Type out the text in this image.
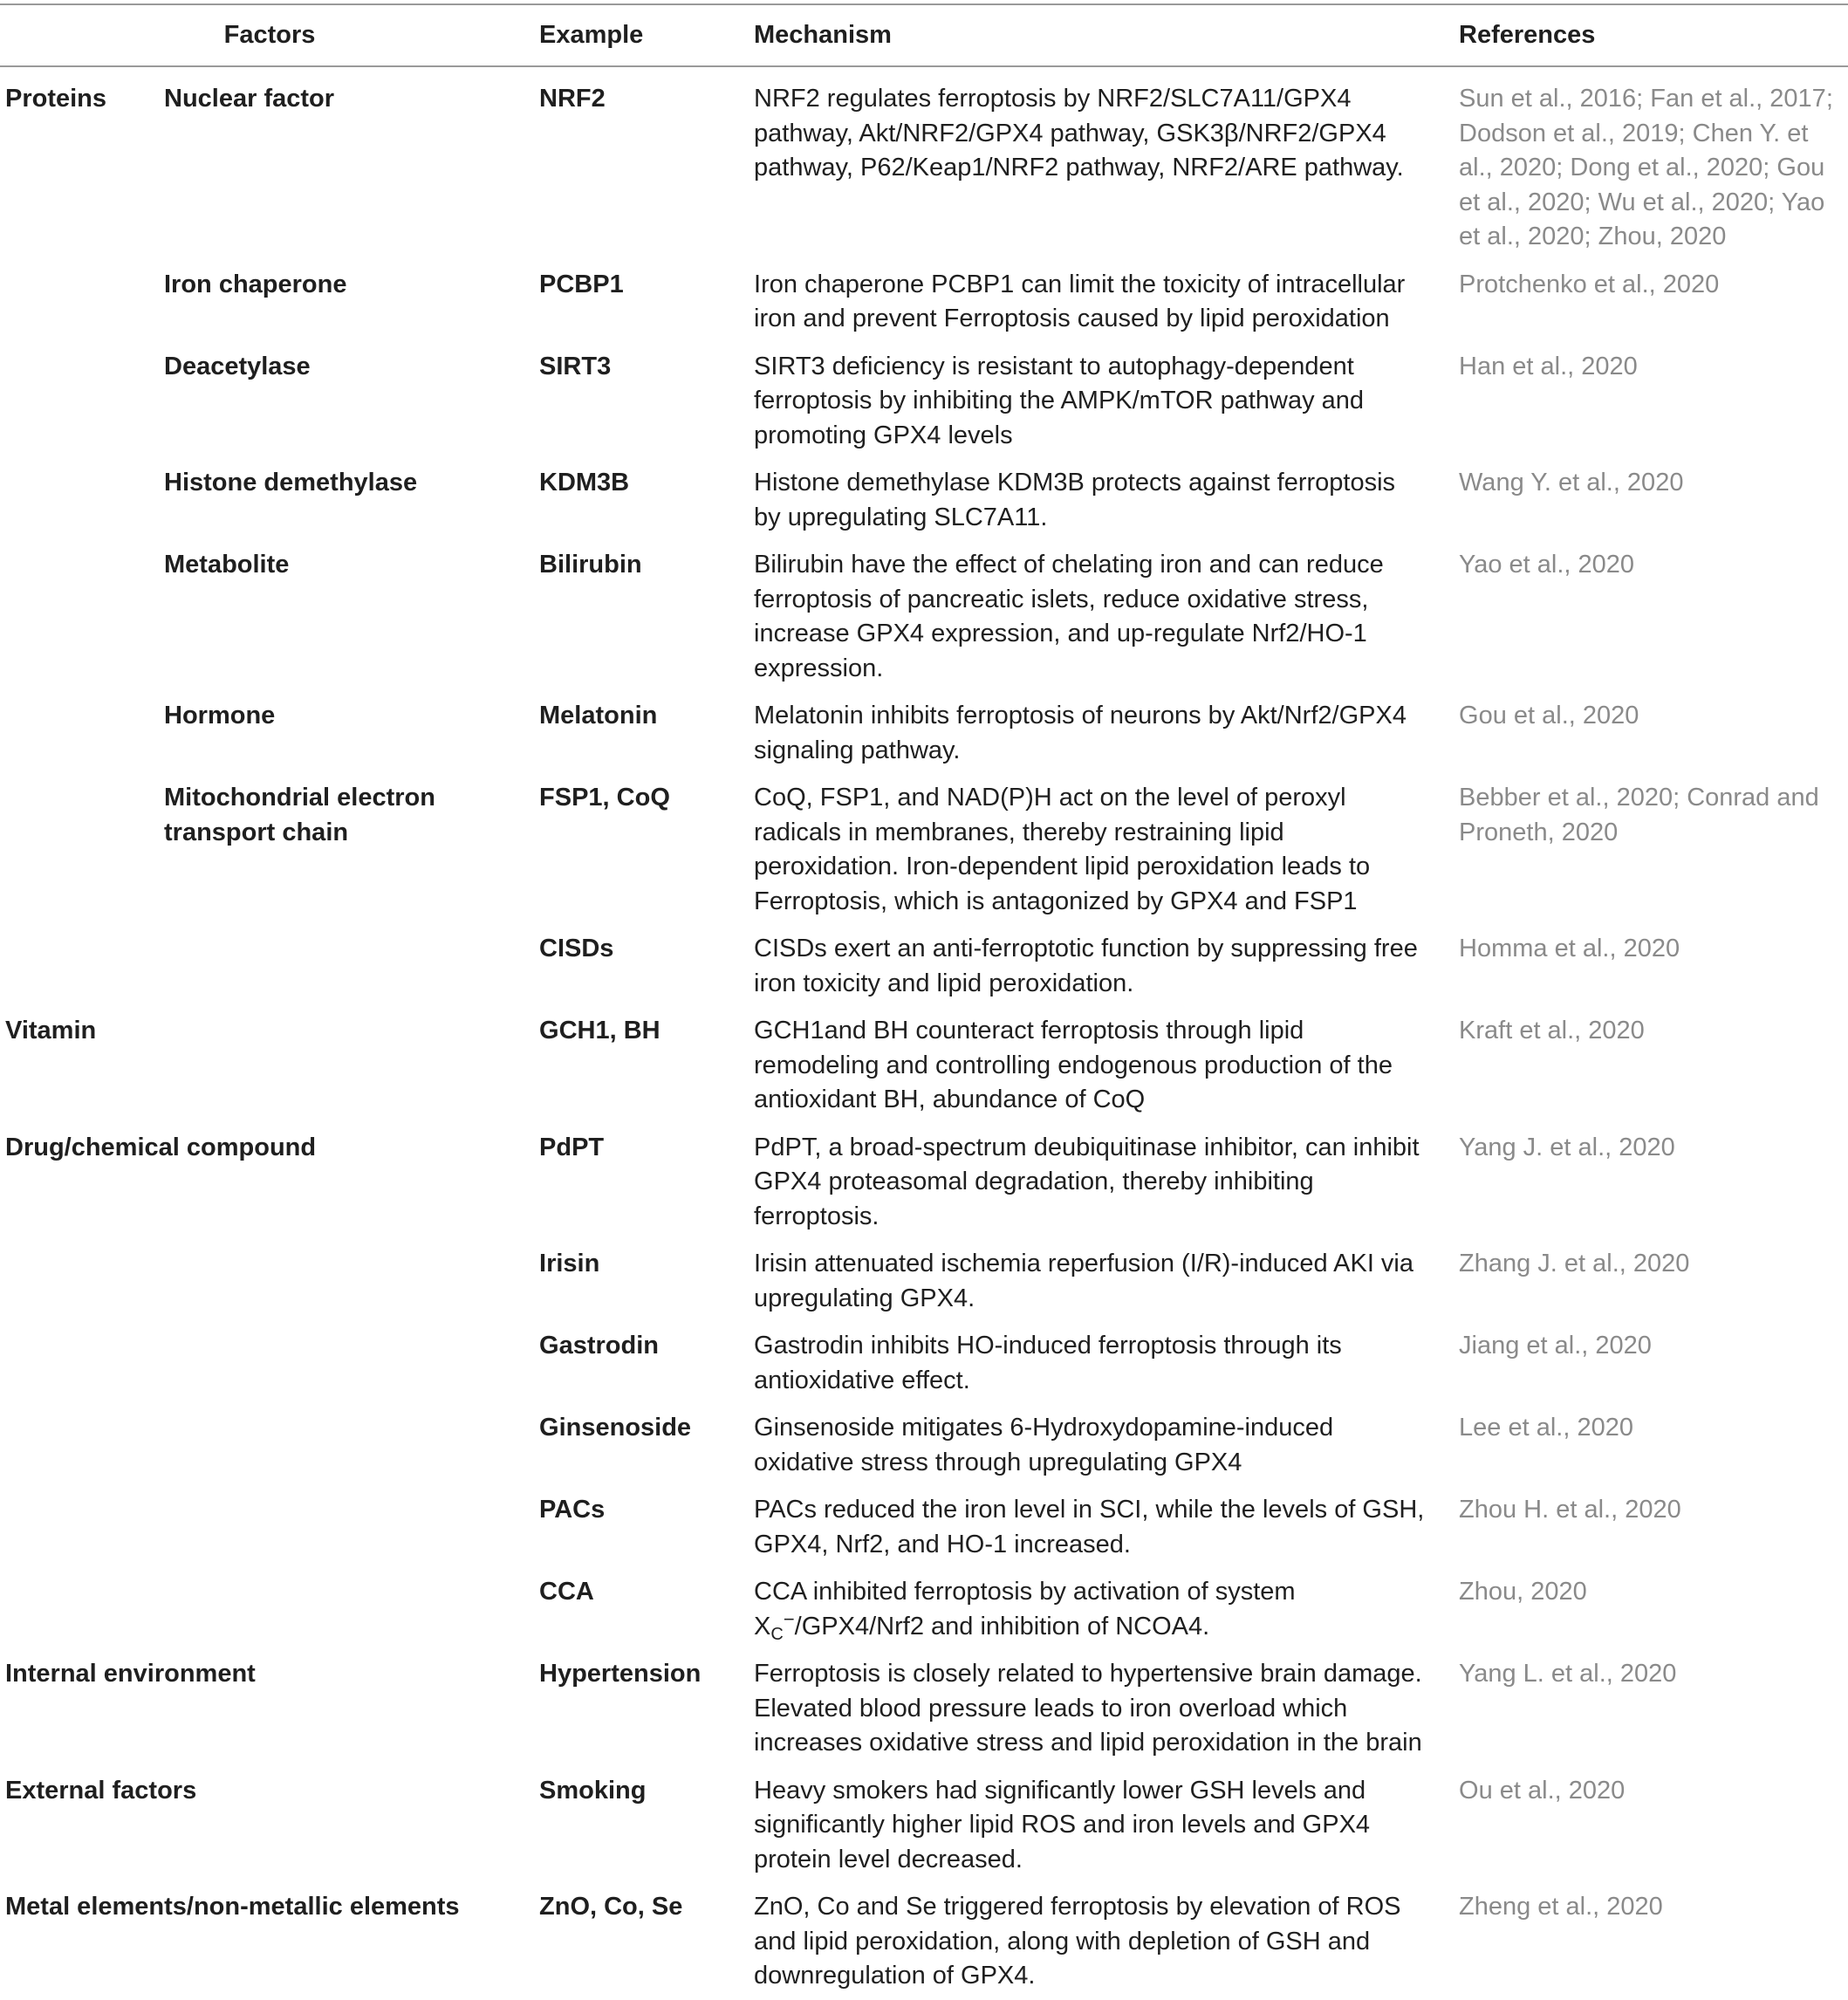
Factors		Example	Mechanism	References
Proteins	Nuclear factor	NRF2	NRF2 regulates ferroptosis by NRF2/SLC7A11/GPX4 pathway, Akt/NRF2/GPX4 pathway, GSK3β/NRF2/GPX4 pathway, P62/Keap1/NRF2 pathway, NRF2/ARE pathway.	Sun et al., 2016; Fan et al., 2017; Dodson et al., 2019; Chen Y. et al., 2020; Dong et al., 2020; Gou et al., 2020; Wu et al., 2020; Yao et al., 2020; Zhou, 2020
	Iron chaperone	PCBP1	Iron chaperone PCBP1 can limit the toxicity of intracellular iron and prevent Ferroptosis caused by lipid peroxidation	Protchenko et al., 2020
	Deacetylase	SIRT3	SIRT3 deficiency is resistant to autophagy-dependent ferroptosis by inhibiting the AMPK/mTOR pathway and promoting GPX4 levels	Han et al., 2020
	Histone demethylase	KDM3B	Histone demethylase KDM3B protects against ferroptosis by upregulating SLC7A11.	Wang Y. et al., 2020
	Metabolite	Bilirubin	Bilirubin have the effect of chelating iron and can reduce ferroptosis of pancreatic islets, reduce oxidative stress, increase GPX4 expression, and up-regulate Nrf2/HO-1 expression.	Yao et al., 2020
	Hormone	Melatonin	Melatonin inhibits ferroptosis of neurons by Akt/Nrf2/GPX4 signaling pathway.	Gou et al., 2020
	Mitochondrial electron transport chain	FSP1, CoQ	CoQ, FSP1, and NAD(P)H act on the level of peroxyl radicals in membranes, thereby restraining lipid peroxidation. Iron-dependent lipid peroxidation leads to Ferroptosis, which is antagonized by GPX4 and FSP1	Bebber et al., 2020; Conrad and Proneth, 2020
		CISDs	CISDs exert an anti-ferroptotic function by suppressing free iron toxicity and lipid peroxidation.	Homma et al., 2020
Vitamin		GCH1, BH	GCH1and BH counteract ferroptosis through lipid remodeling and controlling endogenous production of the antioxidant BH, abundance of CoQ	Kraft et al., 2020
Drug/chemical compound		PdPT	PdPT, a broad-spectrum deubiquitinase inhibitor, can inhibit GPX4 proteasomal degradation, thereby inhibiting ferroptosis.	Yang J. et al., 2020
		Irisin	Irisin attenuated ischemia reperfusion (I/R)-induced AKI via upregulating GPX4.	Zhang J. et al., 2020
		Gastrodin	Gastrodin inhibits HO-induced ferroptosis through its antioxidative effect.	Jiang et al., 2020
		Ginsenoside	Ginsenoside mitigates 6-Hydroxydopamine-induced oxidative stress through upregulating GPX4	Lee et al., 2020
		PACs	PACs reduced the iron level in SCI, while the levels of GSH, GPX4, Nrf2, and HO-1 increased.	Zhou H. et al., 2020
		CCA	CCA inhibited ferroptosis by activation of system $X_C^-/GPX4/Nrf2$ and inhibition of NCOA4.	Zhou, 2020
Internal environment		Hypertension	Ferroptosis is closely related to hypertensive brain damage. Elevated blood pressure leads to iron overload which increases oxidative stress and lipid peroxidation in the brain	Yang L. et al., 2020
External factors		Smoking	Heavy smokers had significantly lower GSH levels and significantly higher lipid ROS and iron levels and GPX4 protein level decreased.	Ou et al., 2020
Metal elements/non-metallic elements		ZnO, Co, Se	ZnO, Co and Se triggered ferroptosis by elevation of ROS and lipid peroxidation, along with depletion of GSH and downregulation of GPX4.	Zheng et al., 2020
